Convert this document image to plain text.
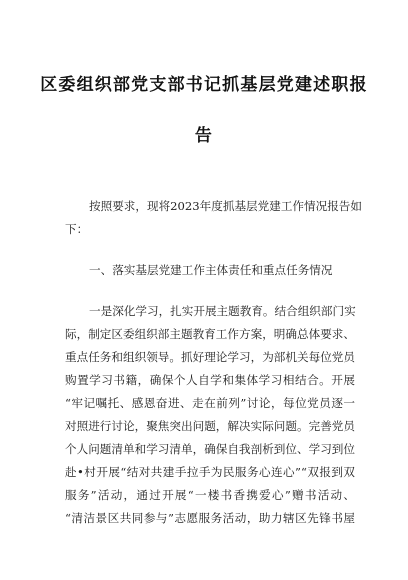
区委组织部党支部书记抓基层党建述职报
告
按照要求，现将2023年度抓基层党建工作情况报告如
下：
一、落实基层党建工作主体责任和重点任务情况
一是深化学习，扎实开展主题教育。结合组织部门实
际，制定区委组织部主题教育工作方案，明确总体要求、
重点任务和组织领导。抓好理论学习，为部机关每位党员
购置学习书籍，确保个人自学和集体学习相结合。开展
“牢记嘱托、感恩奋进、走在前列”讨论，每位党员逐一
对照进行讨论，聚焦突出问题，解决实际问题。完善党员
个人问题清单和学习清单，确保自我剖析到位、学习到位
赴•村开展“结对共建手拉手为民服务心连心”“双报到双
服务”活动，通过开展“一楼书香携爱心”赠书活动、
“清洁景区共同参与”志愿服务活动，助力辖区先锋书屋
